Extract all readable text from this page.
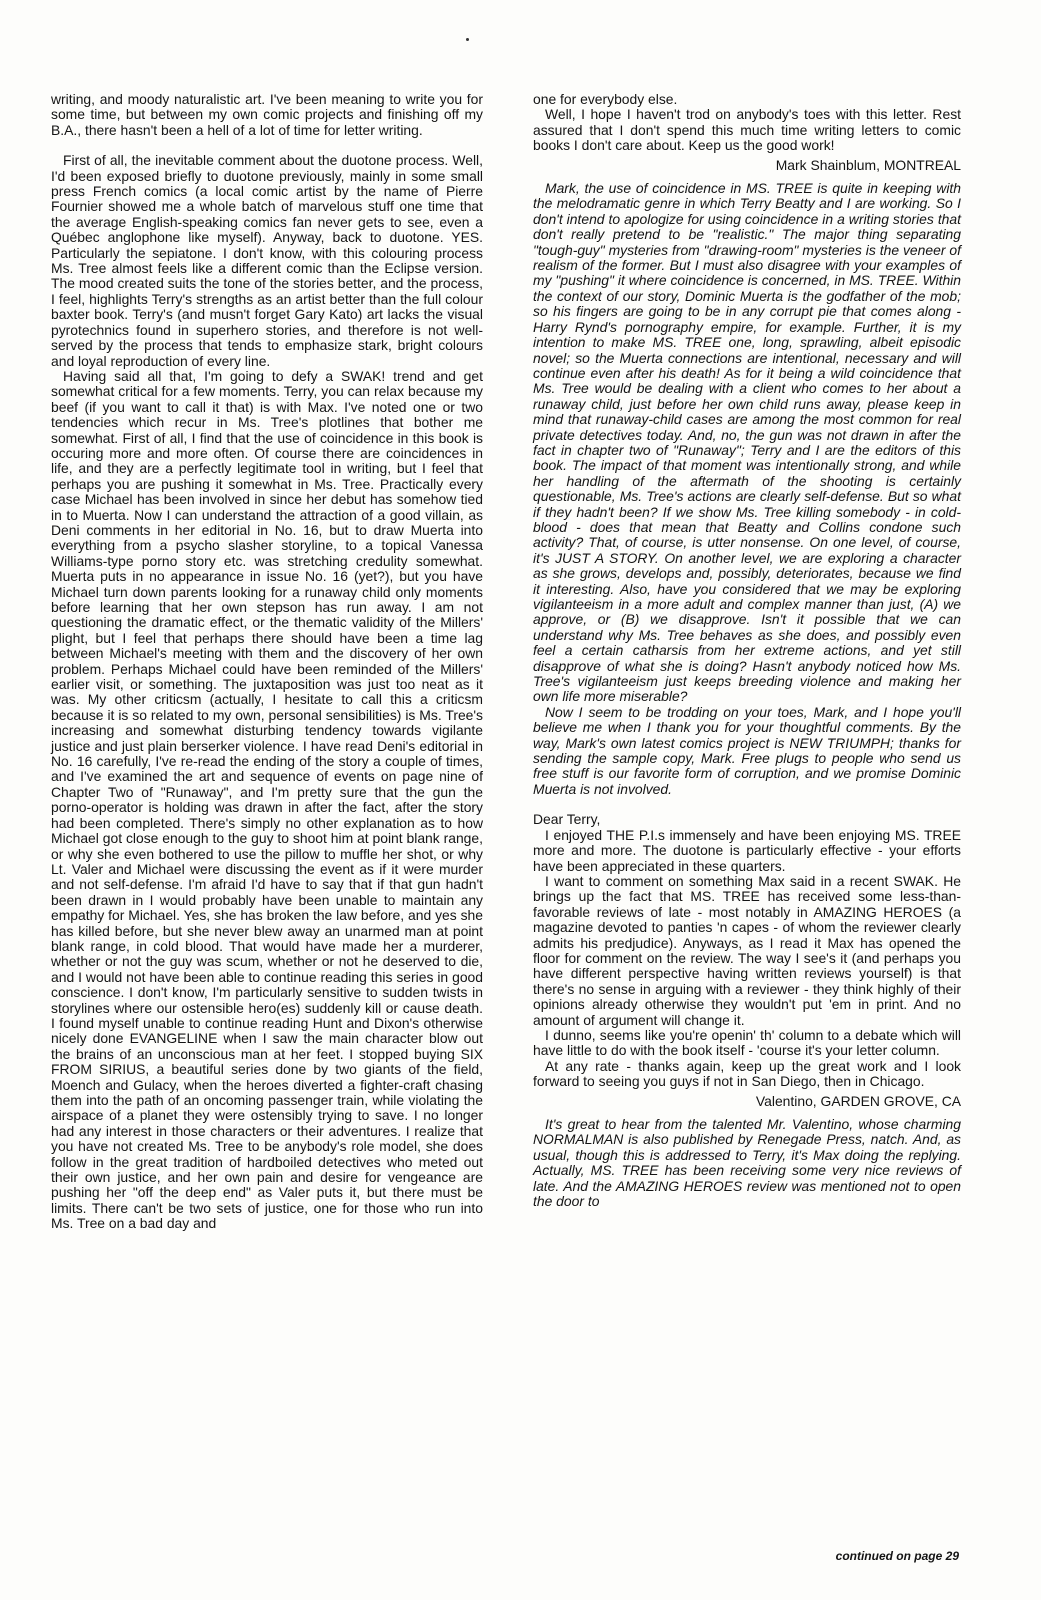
writing, and moody naturalistic art. I've been meaning to write you for some time, but between my own comic projects and finishing off my B.A., there hasn't been a hell of a lot of time for letter writing.

First of all, the inevitable comment about the duotone process. Well, I'd been exposed briefly to duotone previously, mainly in some small press French comics (a local comic artist by the name of Pierre Fournier showed me a whole batch of marvelous stuff one time that the average English-speaking comics fan never gets to see, even a Québec anglophone like myself). Anyway, back to duotone. YES. Particularly the sepiatone. I don't know, with this colouring process Ms. Tree almost feels like a different comic than the Eclipse version. The mood created suits the tone of the stories better, and the process, I feel, highlights Terry's strengths as an artist better than the full colour baxter book. Terry's (and musn't forget Gary Kato) art lacks the visual pyrotechnics found in superhero stories, and therefore is not well-served by the process that tends to emphasize stark, bright colours and loyal reproduction of every line.

Having said all that, I'm going to defy a SWAK! trend and get somewhat critical for a few moments. Terry, you can relax because my beef (if you want to call it that) is with Max. I've noted one or two tendencies which recur in Ms. Tree's plotlines that bother me somewhat. First of all, I find that the use of coincidence in this book is occuring more and more often. Of course there are coincidences in life, and they are a perfectly legitimate tool in writing, but I feel that perhaps you are pushing it somewhat in Ms. Tree. Practically every case Michael has been involved in since her debut has somehow tied in to Muerta. Now I can understand the attraction of a good villain, as Deni comments in her editorial in No. 16, but to draw Muerta into everything from a psycho slasher storyline, to a topical Vanessa Williams-type porno story etc. was stretching credulity somewhat. Muerta puts in no appearance in issue No. 16 (yet?), but you have Michael turn down parents looking for a runaway child only moments before learning that her own stepson has run away. I am not questioning the dramatic effect, or the thematic validity of the Millers' plight, but I feel that perhaps there should have been a time lag between Michael's meeting with them and the discovery of her own problem. Perhaps Michael could have been reminded of the Millers' earlier visit, or something. The juxtaposition was just too neat as it was. My other criticsm (actually, I hesitate to call this a criticsm because it is so related to my own, personal sensibilities) is Ms. Tree's increasing and somewhat disturbing tendency towards vigilante justice and just plain berserker violence. I have read Deni's editorial in No. 16 carefully, I've re-read the ending of the story a couple of times, and I've examined the art and sequence of events on page nine of Chapter Two of "Runaway", and I'm pretty sure that the gun the porno-operator is holding was drawn in after the fact, after the story had been completed. There's simply no other explanation as to how Michael got close enough to the guy to shoot him at point blank range, or why she even bothered to use the pillow to muffle her shot, or why Lt. Valer and Michael were discussing the event as if it were murder and not self-defense. I'm afraid I'd have to say that if that gun hadn't been drawn in I would probably have been unable to maintain any empathy for Michael. Yes, she has broken the law before, and yes she has killed before, but she never blew away an unarmed man at point blank range, in cold blood. That would have made her a murderer, whether or not the guy was scum, whether or not he deserved to die, and I would not have been able to continue reading this series in good conscience. I don't know, I'm particularly sensitive to sudden twists in storylines where our ostensible hero(es) suddenly kill or cause death. I found myself unable to continue reading Hunt and Dixon's otherwise nicely done EVANGELINE when I saw the main character blow out the brains of an unconscious man at her feet. I stopped buying SIX FROM SIRIUS, a beautiful series done by two giants of the field, Moench and Gulacy, when the heroes diverted a fighter-craft chasing them into the path of an oncoming passenger train, while violating the airspace of a planet they were ostensibly trying to save. I no longer had any interest in those characters or their adventures. I realize that you have not created Ms. Tree to be anybody's role model, she does follow in the great tradition of hardboiled detectives who meted out their own justice, and her own pain and desire for vengeance are pushing her "off the deep end" as Valer puts it, but there must be limits. There can't be two sets of justice, one for those who run into Ms. Tree on a bad day and

one for everybody else.

Well, I hope I haven't trod on anybody's toes with this letter. Rest assured that I don't spend this much time writing letters to comic books I don't care about. Keep us the good work!

Mark Shainblum, MONTREAL

Mark, the use of coincidence in MS. TREE is quite in keeping with the melodramatic genre in which Terry Beatty and I are working. So I don't intend to apologize for using coincidence in a writing stories that don't really pretend to be "realistic." The major thing separating "tough-guy" mysteries from "drawing-room" mysteries is the veneer of realism of the former. But I must also disagree with your examples of my "pushing" it where coincidence is concerned, in MS. TREE. Within the context of our story, Dominic Muerta is the godfather of the mob; so his fingers are going to be in any corrupt pie that comes along - Harry Rynd's pornography empire, for example. Further, it is my intention to make MS. TREE one, long, sprawling, albeit episodic novel; so the Muerta connections are intentional, necessary and will continue even after his death! As for it being a wild coincidence that Ms. Tree would be dealing with a client who comes to her about a runaway child, just before her own child runs away, please keep in mind that runaway-child cases are among the most common for real private detectives today. And, no, the gun was not drawn in after the fact in chapter two of "Runaway"; Terry and I are the editors of this book. The impact of that moment was intentionally strong, and while her handling of the aftermath of the shooting is certainly questionable, Ms. Tree's actions are clearly self-defense. But so what if they hadn't been? If we show Ms. Tree killing somebody - in cold-blood - does that mean that Beatty and Collins condone such activity? That, of course, is utter nonsense. On one level, of course, it's JUST A STORY. On another level, we are exploring a character as she grows, develops and, possibly, deteriorates, because we find it interesting. Also, have you considered that we may be exploring vigilanteeism in a more adult and complex manner than just, (A) we approve, or (B) we disapprove. Isn't it possible that we can understand why Ms. Tree behaves as she does, and possibly even feel a certain catharsis from her extreme actions, and yet still disapprove of what she is doing? Hasn't anybody noticed how Ms. Tree's vigilanteeism just keeps breeding violence and making her own life more miserable?

Now I seem to be trodding on your toes, Mark, and I hope you'll believe me when I thank you for your thoughtful comments. By the way, Mark's own latest comics project is NEW TRIUMPH; thanks for sending the sample copy, Mark. Free plugs to people who send us free stuff is our favorite form of corruption, and we promise Dominic Muerta is not involved.

Dear Terry,

I enjoyed THE P.I.s immensely and have been enjoying MS. TREE more and more. The duotone is particularly effective - your efforts have been appreciated in these quarters.

I want to comment on something Max said in a recent SWAK. He brings up the fact that MS. TREE has received some less-than-favorable reviews of late - most notably in AMAZING HEROES (a magazine devoted to panties 'n capes - of whom the reviewer clearly admits his predjudice). Anyways, as I read it Max has opened the floor for comment on the review. The way I see's it (and perhaps you have different perspective having written reviews yourself) is that there's no sense in arguing with a reviewer - they think highly of their opinions already otherwise they wouldn't put 'em in print. And no amount of argument will change it.

I dunno, seems like you're openin' th' column to a debate which will have little to do with the book itself - 'course it's your letter column.

At any rate - thanks again, keep up the great work and I look forward to seeing you guys if not in San Diego, then in Chicago.

Valentino, GARDEN GROVE, CA

It's great to hear from the talented Mr. Valentino, whose charming NORMALMAN is also published by Renegade Press, natch. And, as usual, though this is addressed to Terry, it's Max doing the replying. Actually, MS. TREE has been receiving some very nice reviews of late. And the AMAZING HEROES review was mentioned not to open the door to

continued on page 29
